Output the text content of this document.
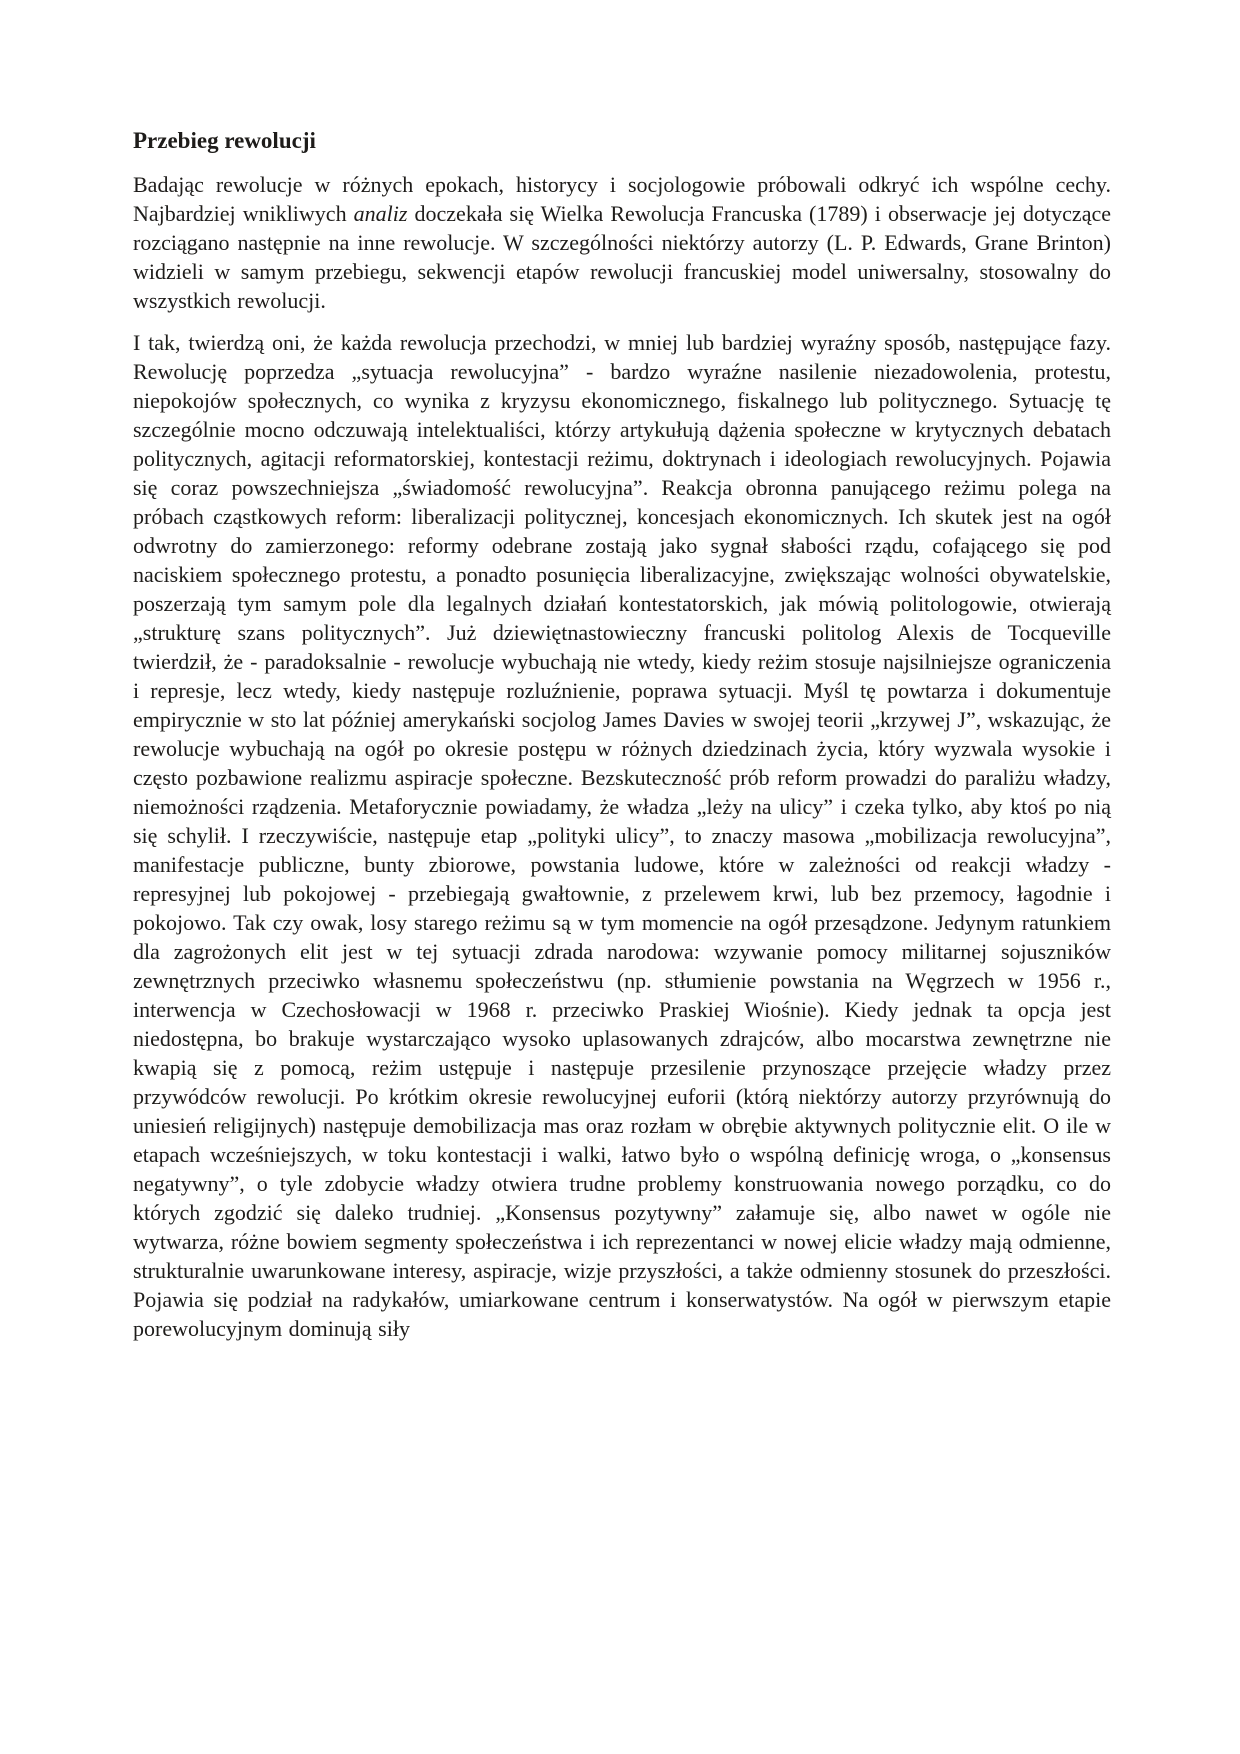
Przebieg rewolucji

Badając rewolucje w różnych epokach, historycy i socjologowie próbowali odkryć ich wspólne cechy. Najbardziej wnikliwych analiz doczekała się Wielka Rewolucja Francuska (1789) i obserwacje jej dotyczące rozciągano następnie na inne rewolucje. W szczególności niektórzy autorzy (L. P. Edwards, Grane Brinton) widzieli w samym przebiegu, sekwencji etapów rewolucji francuskiej model uniwersalny, stosowalny do wszystkich rewolucji.

I tak, twierdzą oni, że każda rewolucja przechodzi, w mniej lub bardziej wyraźny sposób, następujące fazy. Rewolucję poprzedza „sytuacja rewolucyjna” - bardzo wyraźne nasilenie niezadowolenia, protestu, niepokojów społecznych, co wynika z kryzysu ekonomicznego, fiskalnego lub politycznego. Sytuację tę szczególnie mocno odczuwają intelektualiści, którzy artykułują dążenia społeczne w krytycznych debatach politycznych, agitacji reformatorskiej, kontestacji reżimu, doktrynach i ideologiach rewolucyjnych. Pojawia się coraz powszechniejsza „świadomość rewolucyjna”. Reakcja obronna panującego reżimu polega na próbach cząstkowych reform: liberalizacji politycznej, koncesjach ekonomicznych. Ich skutek jest na ogół odwrotny do zamierzonego: reformy odebrane zostają jako sygnał słabości rządu, cofającego się pod naciskiem społecznego protestu, a ponadto posunięcia liberalizacyjne, zwiększając wolności obywatelskie, poszerzają tym samym pole dla legalnych działań kontestatorskich, jak mówią politologowie, otwierają „strukturę szans politycznych”. Już dziewiętnastowieczny francuski politolog Alexis de Tocqueville twierdził, że - paradoksalnie - rewolucje wybuchają nie wtedy, kiedy reżim stosuje najsilniejsze ograniczenia i represje, lecz wtedy, kiedy następuje rozluźnienie, poprawa sytuacji. Myśl tę powtarza i dokumentuje empirycznie w sto lat później amerykański socjolog James Davies w swojej teorii „krzywej J”, wskazując, że rewolucje wybuchają na ogół po okresie postępu w różnych dziedzinach życia, który wyzwala wysokie i często pozbawione realizmu aspiracje społeczne. Bezskuteczność prób reform prowadzi do paraliżu władzy, niemożności rządzenia. Metaforycznie powiadamy, że władza „leży na ulicy” i czeka tylko, aby ktoś po nią się schylił. I rzeczywiście, następuje etap „polityki ulicy”, to znaczy masowa „mobilizacja rewolucyjna”, manifestacje publiczne, bunty zbiorowe, powstania ludowe, które w zależności od reakcji władzy - represyjnej lub pokojowej - przebiegają gwałtownie, z przelewem krwi, lub bez przemocy, łagodnie i pokojowo. Tak czy owak, losy starego reżimu są w tym momencie na ogół przesądzone. Jedynym ratunkiem dla zagrożonych elit jest w tej sytuacji zdrada narodowa: wzywanie pomocy militarnej sojuszników zewnętrznych przeciwko własnemu społeczeństwu (np. stłumienie powstania na Węgrzech w 1956 r., interwencja w Czechosłowacji w 1968 r. przeciwko Praskiej Wiośnie). Kiedy jednak ta opcja jest niedostępna, bo brakuje wystarczająco wysoko uplasowanych zdrajców, albo mocarstwa zewnętrzne nie kwapią się z pomocą, reżim ustępuje i następuje przesilenie przynoszące przejęcie władzy przez przywódców rewolucji. Po krótkim okresie rewolucyjnej euforii (którą niektórzy autorzy przyrównują do uniesień religijnych) następuje demobilizacja mas oraz rozłam w obrębie aktywnych politycznie elit. O ile w etapach wcześniejszych, w toku kontestacji i walki, łatwo było o wspólną definicję wroga, o „konsensus negatywny”, o tyle zdobycie władzy otwiera trudne problemy konstruowania nowego porządku, co do których zgodzić się daleko trudniej. „Konsensus pozytywny” załamuje się, albo nawet w ogóle nie wytwarza, różne bowiem segmenty społeczeństwa i ich reprezentanci w nowej elicie władzy mają odmienne, strukturalnie uwarunkowane interesy, aspiracje, wizje przyszłości, a także odmienny stosunek do przeszłości. Pojawia się podział na radykałów, umiarkowane centrum i konserwatystów. Na ogół w pierwszym etapie porewolucyjnym dominują siły
